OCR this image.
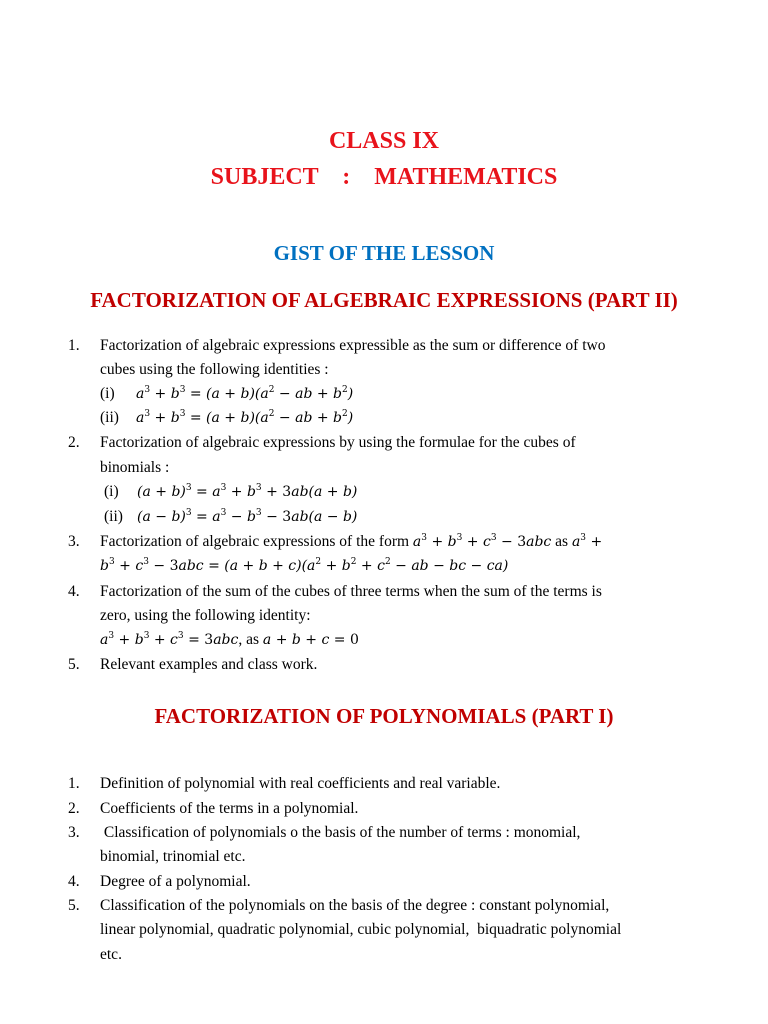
CLASS IX
SUBJECT    :    MATHEMATICS
GIST OF THE LESSON
FACTORIZATION OF ALGEBRAIC EXPRESSIONS (PART II)
1. Factorization of algebraic expressions expressible as the sum or difference of two
cubes using the following identities :
(i) $a^3 + b^3 = (a + b)(a^2$ − ab + $b^2$)
(ii) $a^3 + b^3 = (a + b)(a^2$ − ab + $b^2$)
2. Factorization of algebraic expressions by using the formulae for the cubes of
binomials :
(i) $(a + b)^3 = a^3 + b^3 + 3ab(a + b)$
(ii) $(a - b)^3 = a^3 - b^3 - 3ab(a - b)$
3. Factorization of algebraic expressions of the form $a^3 + b^3 + c^3 - 3abc$ as $a^3$ +
$b^3 + c^3 - 3abc = (a + b + c)(a^2 + b^2 + c^2$ − ab − bc − ca)
4. Factorization of the sum of the cubes of three terms when the sum of the terms is
zero, using the following identity:
$a^3 + b^3 + c^3 = 3abc$, as a + b + c = 0
5. Relevant examples and class work.
FACTORIZATION OF POLYNOMIALS (PART I)
1. Definition of polynomial with real coefficients and real variable.
2. Coefficients of the terms in a polynomial.
3. Classification of polynomials o the basis of the number of terms : monomial,
binomial, trinomial etc.
4. Degree of a polynomial.
5. Classification of the polynomials on the basis of the degree : constant polynomial,
linear polynomial, quadratic polynomial, cubic polynomial,  biquadratic polynomial
etc.
